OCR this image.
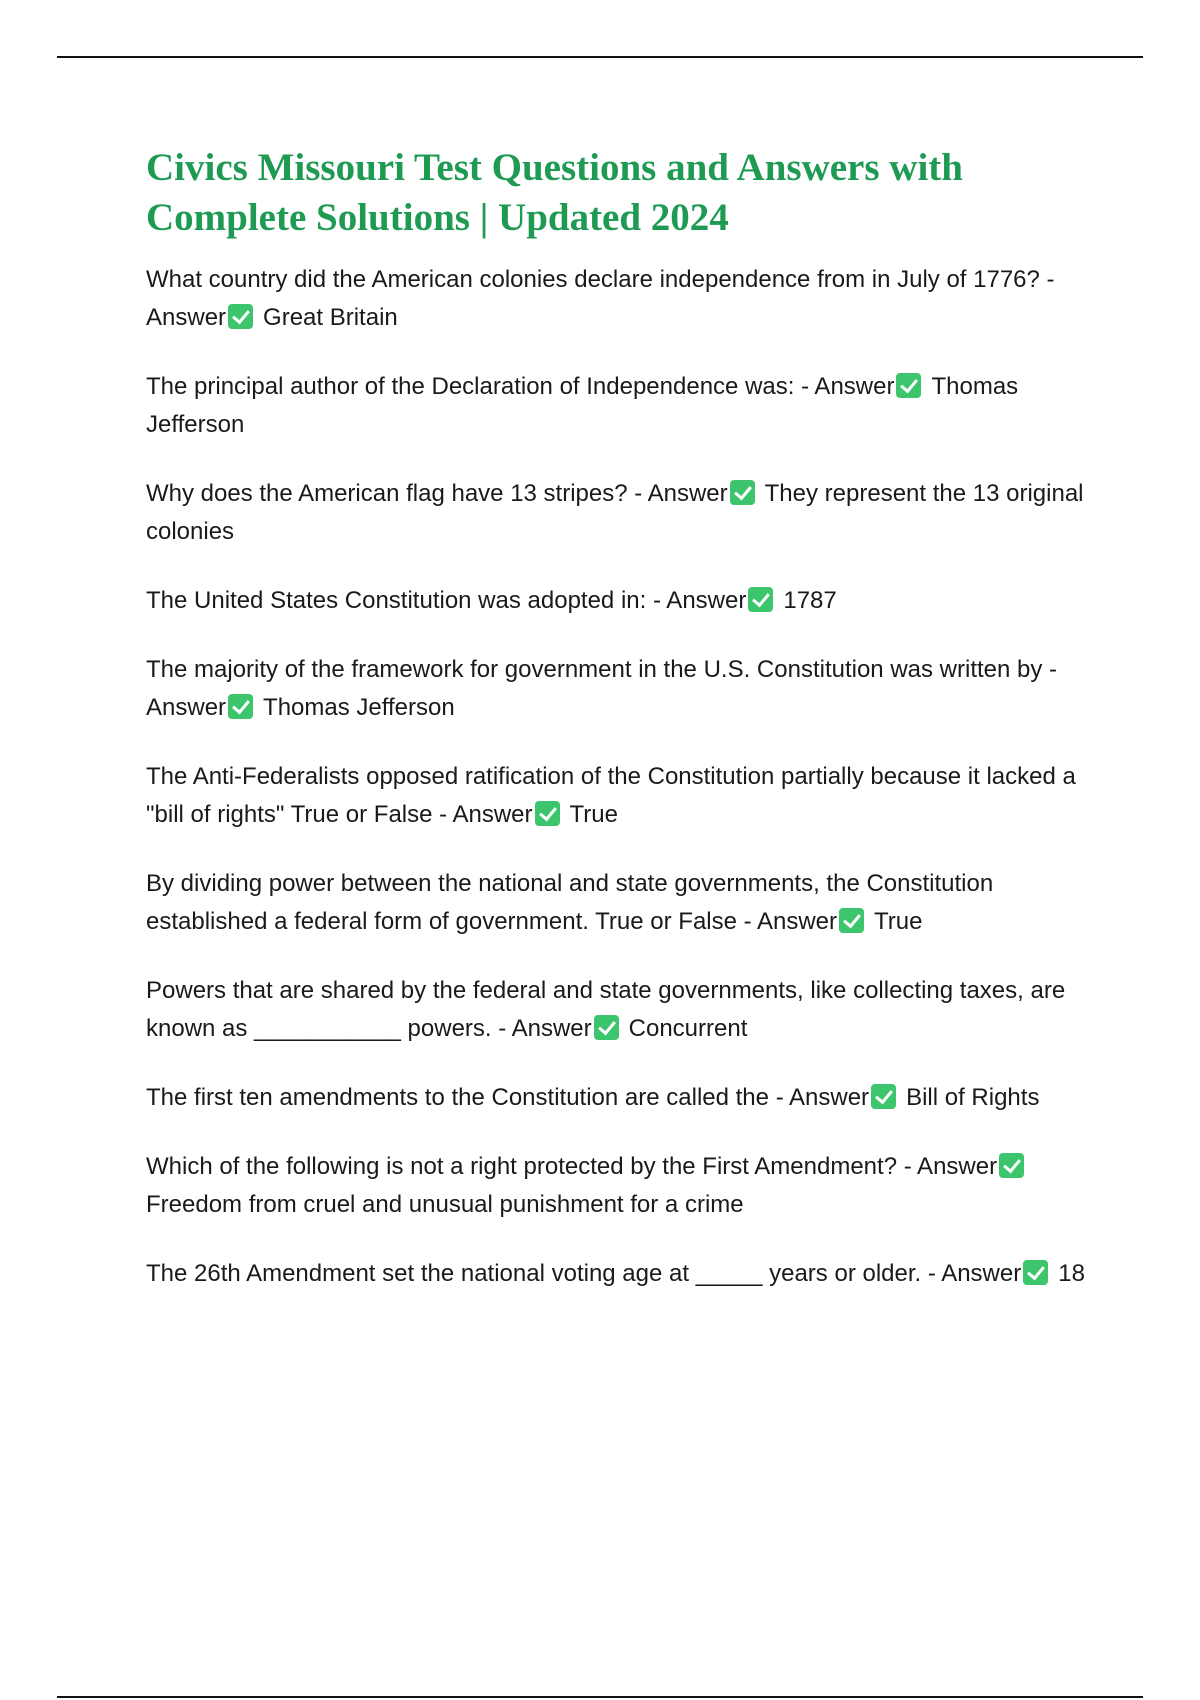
Civics Missouri Test Questions and Answers with Complete Solutions | Updated 2024

What country did the American colonies declare independence from in July of 1776? - Answer Great Britain

The principal author of the Declaration of Independence was: - Answer Thomas Jefferson

Why does the American flag have 13 stripes? - Answer They represent the 13 original colonies

The United States Constitution was adopted in: - Answer 1787

The majority of the framework for government in the U.S. Constitution was written by - Answer Thomas Jefferson

The Anti-Federalists opposed ratification of the Constitution partially because it lacked a "bill of rights" True or False - Answer True

By dividing power between the national and state governments, the Constitution established a federal form of government. True or False - Answer True

Powers that are shared by the federal and state governments, like collecting taxes, are known as ___________ powers. - Answer Concurrent

The first ten amendments to the Constitution are called the - Answer Bill of Rights

Which of the following is not a right protected by the First Amendment? - AnswerFreedom from cruel and unusual punishment for a crime

The 26th Amendment set the national voting age at _____ years or older. - Answer 18
